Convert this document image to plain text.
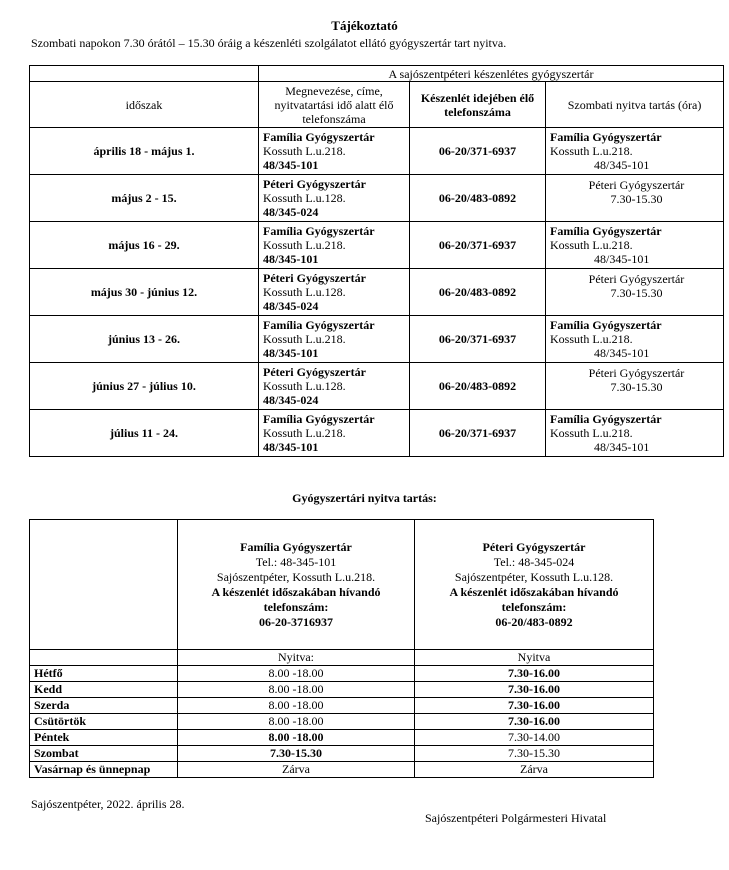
Tájékoztató
Szombati napokon 7.30 órától – 15.30 óráig a készenléti szolgálatot ellátó gyógyszertár tart nyitva.
	A sajószentpéteri készenlétes gyógyszertár		
időszak	Megnevezése, címe, nyitvatartási idő alatt élő telefonszáma	Készenlét idejében élő telefonszáma	Szombati nyitva tartás (óra)
április 18 - május 1.	Família Gyógyszertár
Kossuth L.u.218.
48/345-101	06-20/371-6937	Família Gyógyszertár
Kossuth L.u.218.

48/345-101

május 2 - 15.	Péteri Gyógyszertár
Kossuth L.u.128.
48/345-024	06-20/483-0892	Péteri Gyógyszertár
7.30-15.30

május 16 - 29.	Família Gyógyszertár
Kossuth L.u.218.
48/345-101	06-20/371-6937	Família Gyógyszertár
Kossuth L.u.218.

48/345-101

május 30 - június 12.	Péteri Gyógyszertár
Kossuth L.u.128.
48/345-024	06-20/483-0892	Péteri Gyógyszertár
7.30-15.30

június 13 - 26.	Família Gyógyszertár
Kossuth L.u.218.
48/345-101	06-20/371-6937	Família Gyógyszertár
Kossuth L.u.218.

48/345-101

június 27 - július 10.	Péteri Gyógyszertár
Kossuth L.u.128.
48/345-024	06-20/483-0892	Péteri Gyógyszertár
7.30-15.30

július 11 - 24.	Família Gyógyszertár
Kossuth L.u.218.
48/345-101	06-20/371-6937	Família Gyógyszertár
Kossuth L.u.218.

48/345-101
Gyógyszertári nyitva tartás:
	Família Gyógyszertár
Tel.: 48-345-101
Sajószentpéter, Kossuth L.u.218.
A készenlét időszakában hívandó telefonszám:
06-20-3716937	Péteri Gyógyszertár
Tel.: 48-345-024
Sajószentpéter, Kossuth L.u.128.
A készenlét időszakában hívandó telefonszám:
06-20/483-0892
	Nyitva:	Nyitva
Hétfő	8.00 -18.00	7.30-16.00
Kedd	8.00 -18.00	7.30-16.00
Szerda	8.00 -18.00	7.30-16.00
Csütörtök	8.00 -18.00	7.30-16.00
Péntek	8.00 -18.00	7.30-14.00
Szombat	7.30-15.30	7.30-15.30
Vasárnap és ünnepnap	Zárva	Zárva
Sajószentpéter, 2022. április 28.
Sajószentpéteri Polgármesteri Hivatal
